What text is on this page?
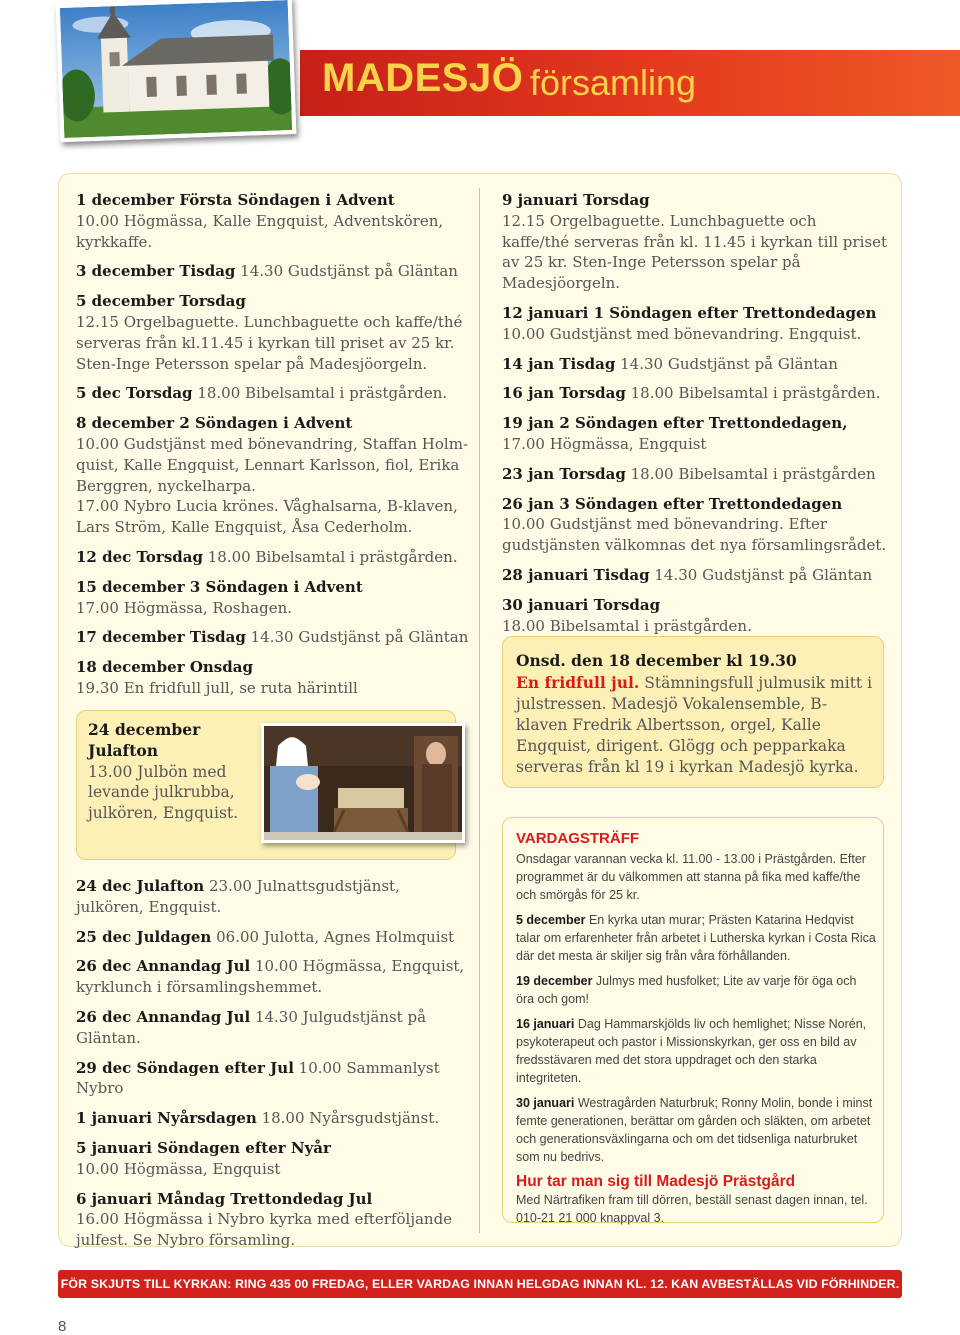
MADESJÖ församling
1 december Första Söndagen i Advent
10.00 Högmässa, Kalle Engquist, Adventskören, kyrkkaffe.
3 december Tisdag 14.30 Gudstjänst på Gläntan
5 december Torsdag
12.15 Orgelbaguette. Lunchbaguette och kaffe/thé serveras från kl.11.45 i kyrkan till priset av 25 kr. Sten-Inge Petersson spelar på Madesjöorgeln.
5 dec Torsdag 18.00 Bibelsamtal i prästgården.
8 december 2 Söndagen i Advent
10.00 Gudstjänst med bönevandring, Staffan Holmquist, Kalle Engquist, Lennart Karlsson, fiol, Erika Berggren, nyckelharpa.
17.00 Nybro Lucia krönes. Våghalsarna, B-klaven, Lars Ström, Kalle Engquist, Åsa Cederholm.
12 dec Torsdag 18.00 Bibelsamtal i prästgården.
15 december 3 Söndagen i Advent
17.00 Högmässa, Roshagen.
17 december Tisdag 14.30 Gudstjänst på Gläntan
18 december Onsdag
19.30 En fridfull jull, se ruta härintill
24 december
Julafton
13.00 Julbön med levande julkrubba, julkören, Engquist.
24 dec Julafton 23.00 Julnattsgudstjänst, julkören, Engquist.
25 dec Juldagen 06.00 Julotta, Agnes Holmquist
26 dec Annandag Jul 10.00 Högmässa, Engquist, kyrklunch i församlingshemmet.
26 dec Annandag Jul 14.30 Julgudstjänst på Gläntan.
29 dec Söndagen efter Jul 10.00 Sammanlyst Nybro
1 januari Nyårsdagen 18.00 Nyårsgudstjänst.
5 januari Söndagen efter Nyår
10.00 Högmässa, Engquist
6 januari Måndag Trettondedag Jul
16.00 Högmässa i Nybro kyrka med efterföljande julfest. Se Nybro församling.
9 januari Torsdag
12.15 Orgelbaguette. Lunchbaguette och kaffe/thé serveras från kl. 11.45 i kyrkan till priset av 25 kr. Sten-Inge Petersson spelar på Madesjöorgeln.
12 januari 1 Söndagen efter Trettondedagen
10.00 Gudstjänst med bönevandring. Engquist.
14 jan Tisdag 14.30 Gudstjänst på Gläntan
16 jan Torsdag 18.00 Bibelsamtal i prästgården.
19 jan 2 Söndagen efter Trettondedagen,
17.00 Högmässa, Engquist
23 jan Torsdag 18.00 Bibelsamtal i prästgården
26 jan 3 Söndagen efter Trettondedagen
10.00 Gudstjänst med bönevandring. Efter gudstjänsten välkomnas det nya församlingsrådet.
28 januari Tisdag 14.30 Gudstjänst på Gläntan
30 januari Torsdag
18.00 Bibelsamtal i prästgården.
Onsd. den 18 december kl 19.30
En fridfull jul. Stämningsfull julmusik mitt i julstressen. Madesjö Vokalensemble, B-klaven Fredrik Albertsson, orgel, Kalle Engquist, dirigent. Glögg och pepparkaka serveras från kl 19 i kyrkan Madesjö kyrka.
VARDAGSTRÄFF

Onsdagar varannan vecka kl. 11.00 - 13.00 i Prästgården. Efter programmet är du välkommen att stanna på fika med kaffe/the och smörgås för 25 kr.

5 december En kyrka utan murar; Prästen Katarina Hedqvist talar om erfarenheter från arbetet i Lutherska kyrkan i Costa Rica där det mesta är skiljer sig från våra förhållanden.

19 december Julmys med husfolket; Lite av varje för öga och öra och gom!

16 januari Dag Hammarskjölds liv och hemlighet; Nisse Norén, psykoterapeut och pastor i Missionskyrkan, ger oss en bild av fredsstävaren med det stora uppdraget och den starka integriteten.

30 januari Westragården Naturbruk; Ronny Molin, bonde i minst femte generationen, berättar om gården och släkten, om arbetet och generationsväxlingarna och om det tidsenliga naturbruket som nu bedrivs.

Hur tar man sig till Madesjö Prästgård

Med Närtrafiken fram till dörren, beställ senast dagen innan, tel. 010-21 21 000 knappval 3.

FÖR SKJUTS TILL KYRKAN: RING 435 00 FREDAG, ELLER VARDAG INNAN HELGDAG INNAN KL. 12. KAN AVBESTÄLLAS VID FÖRHINDER.
8
